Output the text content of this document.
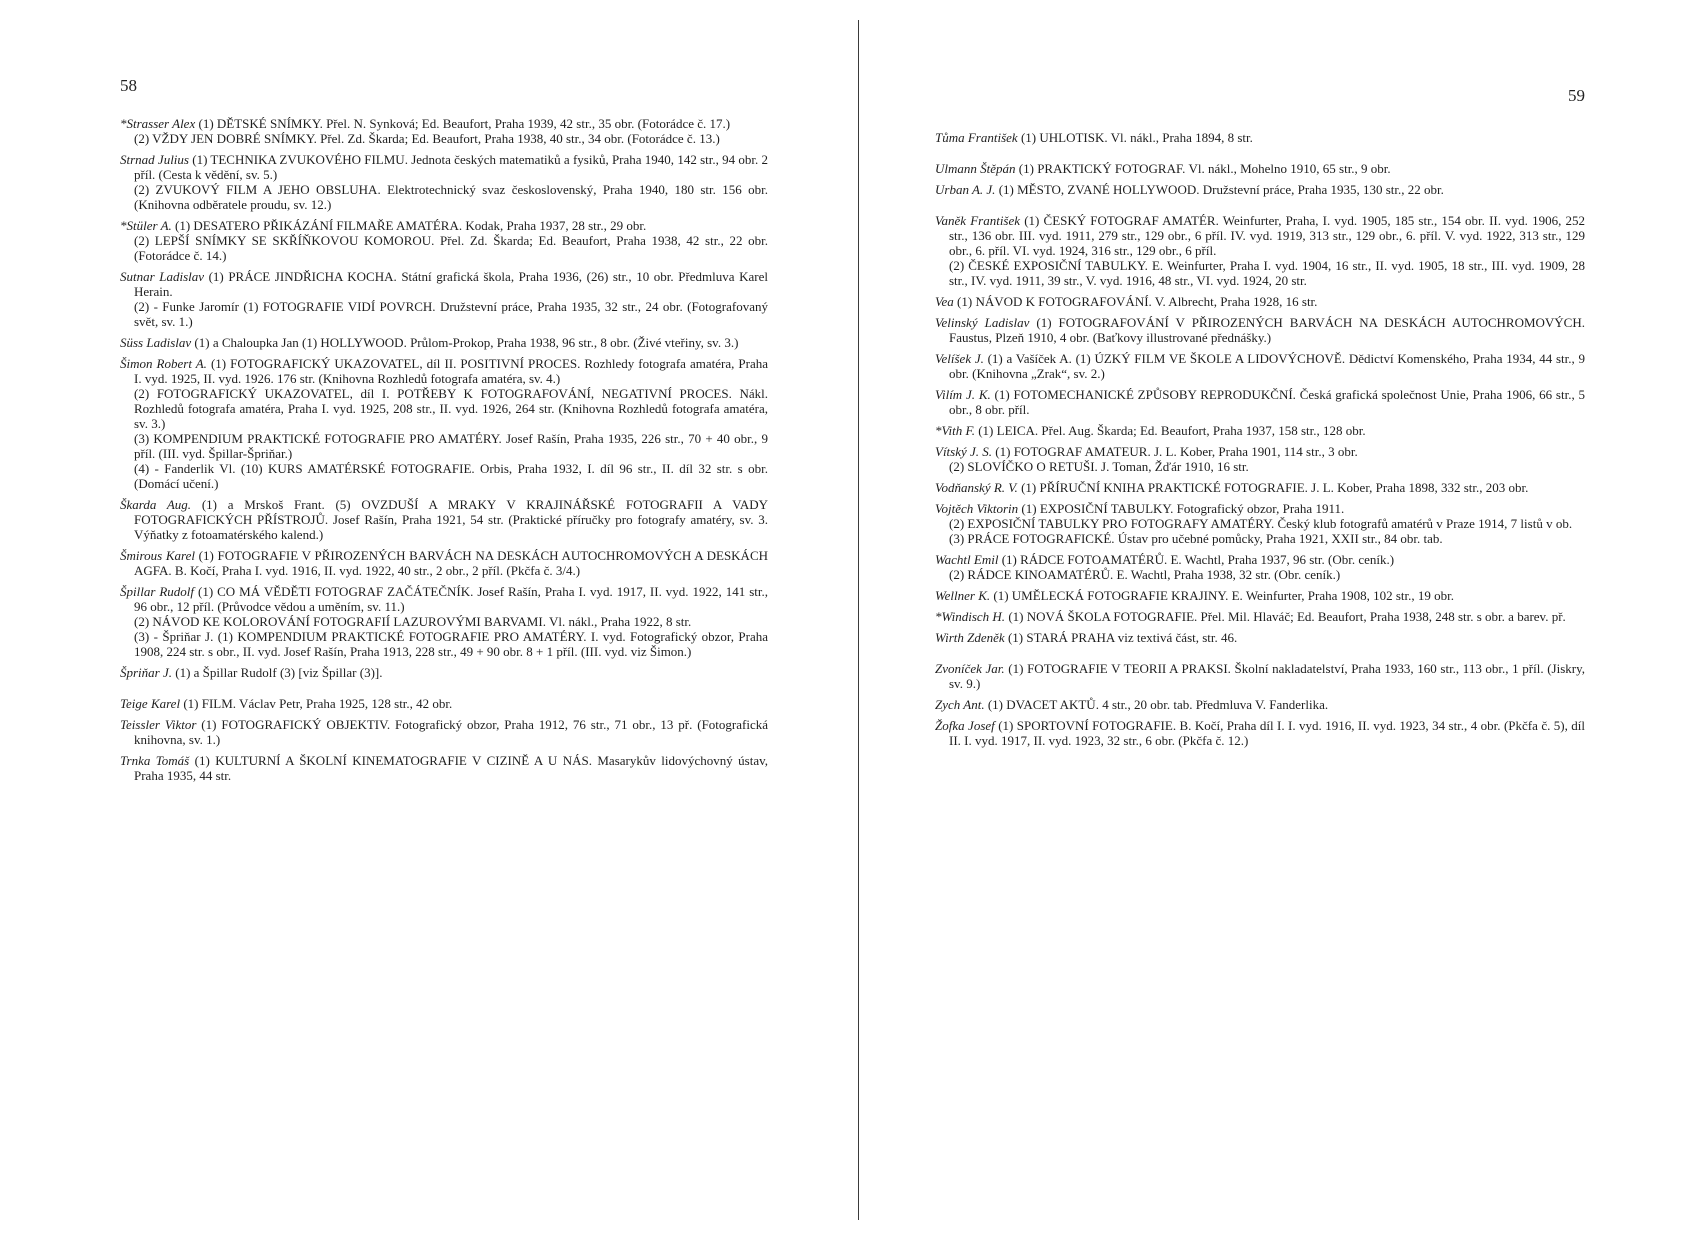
58

*Strasser Alex (1) DĚTSKÉ SNÍMKY. Přel. N. Synková; Ed. Beaufort, Praha 1939, 42 str., 35 obr. (Fotorádce č. 17.)
(2) VŽDY JEN DOBRÉ SNÍMKY. Přel. Zd. Škarda; Ed. Beaufort, Praha 1938, 40 str., 34 obr. (Fotorádce č. 13.)

Strnad Julius (1) TECHNIKA ZVUKOVÉHO FILMU. Jednota českých matematiků a fysiků, Praha 1940, 142 str., 94 obr. 2 příl. (Cesta k vědění, sv. 5.)
(2) ZVUKOVÝ FILM A JEHO OBSLUHA. Elektrotechnický svaz československý, Praha 1940, 180 str. 156 obr. (Knihovna odběratele proudu, sv. 12.)

*Stüler A. (1) DESATERO PŘIKÁZÁNÍ FILMAŘE AMATÉRA. Kodak, Praha 1937, 28 str., 29 obr.
(2) LEPŠÍ SNÍMKY SE SKŘÍŇKOVOU KOMOROU. Přel. Zd. Škarda; Ed. Beaufort, Praha 1938, 42 str., 22 obr. (Fotorádce č. 14.)

Sutnar Ladislav (1) PRÁCE JINDŘICHA KOCHA. Státní grafická škola, Praha 1936, (26) str., 10 obr. Předmluva Karel Herain.
(2) - Funke Jaromír (1) FOTOGRAFIE VIDÍ POVRCH. Družstevní práce, Praha 1935, 32 str., 24 obr. (Fotografovaný svět, sv. 1.)

Süss Ladislav (1) a Chaloupka Jan (1) HOLLYWOOD. Průlom-Prokop, Praha 1938, 96 str., 8 obr. (Živé vteřiny, sv. 3.)

Šimon Robert A. (1) FOTOGRAFICKÝ UKAZOVATEL, díl II. POSITIVNÍ PROCES. Rozhledy fotografa amatéra, Praha I. vyd. 1925, II. vyd. 1926. 176 str. (Knihovna Rozhledů fotografa amatéra, sv. 4.)
(2) FOTOGRAFICKÝ UKAZOVATEL, díl I. POTŘEBY K FOTOGRAFOVÁNÍ, NEGATIVNÍ PROCES. Nákl. Rozhledů fotografa amatéra, Praha I. vyd. 1925, 208 str., II. vyd. 1926, 264 str. (Knihovna Rozhledů fotografa amatéra, sv. 3.)
(3) KOMPENDIUM PRAKTICKÉ FOTOGRAFIE PRO AMATÉRY. Josef Rašín, Praha 1935, 226 str., 70 + 40 obr., 9 příl. (III. vyd. Špillar-Špriňar.)
(4) - Fanderlik Vl. (10) KURS AMATÉRSKÉ FOTOGRAFIE. Orbis, Praha 1932, I. díl 96 str., II. díl 32 str. s obr. (Domácí učení.)

Škarda Aug. (1) a Mrskoš Frant. (5) OVZDUŠÍ A MRAKY V KRAJINÁŘSKÉ FOTOGRAFII A VADY FOTOGRAFICKÝCH PŘÍSTROJŮ. Josef Rašín, Praha 1921, 54 str. (Praktické příručky pro fotografy amatéry, sv. 3. Výňatky z fotoamatérského kalend.)

Šmirous Karel (1) FOTOGRAFIE V PŘIROZENÝCH BARVÁCH NA DESKÁCH AUTOCHROMOVÝCH A DESKÁCH AGFA. B. Kočí, Praha I. vyd. 1916, II. vyd. 1922, 40 str., 2 obr., 2 příl. (Pkčfa č. 3/4.)

Špillar Rudolf (1) CO MÁ VĚDĚTI FOTOGRAF ZAČÁTEČNÍK. Josef Rašín, Praha I. vyd. 1917, II. vyd. 1922, 141 str., 96 obr., 12 příl. (Průvodce vědou a uměním, sv. 11.)
(2) NÁVOD KE KOLOROVÁNÍ FOTOGRAFIÍ LAZUROVÝMI BARVAMI. Vl. nákl., Praha 1922, 8 str.
(3) - Špriňar J. (1) KOMPENDIUM PRAKTICKÉ FOTOGRAFIE PRO AMATÉRY. I. vyd. Fotografický obzor, Praha 1908, 224 str. s obr., II. vyd. Josef Rašín, Praha 1913, 228 str., 49 + 90 obr. 8 + 1 příl. (III. vyd. viz Šimon.)

Špriňar J. (1) a Špillar Rudolf (3) [viz Špillar (3)].

Teige Karel (1) FILM. Václav Petr, Praha 1925, 128 str., 42 obr.

Teissler Viktor (1) FOTOGRAFICKÝ OBJEKTIV. Fotografický obzor, Praha 1912, 76 str., 71 obr., 13 př. (Fotografická knihovna, sv. 1.)

Trnka Tomáš (1) KULTURNÍ A ŠKOLNÍ KINEMATOGRAFIE V CIZINĚ A U NÁS. Masarykův lidovýchovný ústav, Praha 1935, 44 str.

59

Tůma František (1) UHLOTISK. Vl. nákl., Praha 1894, 8 str.

Ulmann Štěpán (1) PRAKTICKÝ FOTOGRAF. Vl. nákl., Mohelno 1910, 65 str., 9 obr.

Urban A. J. (1) MĚSTO, ZVANÉ HOLLYWOOD. Družstevní práce, Praha 1935, 130 str., 22 obr.

Vaněk František (1) ČESKÝ FOTOGRAF AMATÉR. Weinfurter, Praha, I. vyd. 1905, 185 str., 154 obr. II. vyd. 1906, 252 str., 136 obr. III. vyd. 1911, 279 str., 129 obr., 6 příl. IV. vyd. 1919, 313 str., 129 obr., 6. příl. V. vyd. 1922, 313 str., 129 obr., 6. příl. VI. vyd. 1924, 316 str., 129 obr., 6 příl.
(2) ČESKÉ EXPOSIČNÍ TABULKY. E. Weinfurter, Praha I. vyd. 1904, 16 str., II. vyd. 1905, 18 str., III. vyd. 1909, 28 str., IV. vyd. 1911, 39 str., V. vyd. 1916, 48 str., VI. vyd. 1924, 20 str.

Vea (1) NÁVOD K FOTOGRAFOVÁNÍ. V. Albrecht, Praha 1928, 16 str.

Velinský Ladislav (1) FOTOGRAFOVÁNÍ V PŘIROZENÝCH BARVÁCH NA DESKÁCH AUTOCHROMOVÝCH. Faustus, Plzeň 1910, 4 obr. (Baťkovy illustrované přednášky.)

Velíšek J. (1) a Vašíček A. (1) ÚZKÝ FILM VE ŠKOLE A LIDOVÝCHOVĚ. Dědictví Komenského, Praha 1934, 44 str., 9 obr. (Knihovna „Zrak“, sv. 2.)

Vilím J. K. (1) FOTOMECHANICKÉ ZPŮSOBY REPRODUKČNÍ. Česká grafická společnost Unie, Praha 1906, 66 str., 5 obr., 8 obr. příl.

*Vith F. (1) LEICA. Přel. Aug. Škarda; Ed. Beaufort, Praha 1937, 158 str., 128 obr.

Vítský J. S. (1) FOTOGRAF AMATEUR. J. L. Kober, Praha 1901, 114 str., 3 obr.
(2) SLOVÍČKO O RETUŠI. J. Toman, Žďár 1910, 16 str.

Vodňanský R. V. (1) PŘÍRUČNÍ KNIHA PRAKTICKÉ FOTOGRAFIE. J. L. Kober, Praha 1898, 332 str., 203 obr.

Vojtěch Viktorin (1) EXPOSIČNÍ TABULKY. Fotografický obzor, Praha 1911.
(2) EXPOSIČNÍ TABULKY PRO FOTOGRAFY AMATÉRY. Český klub fotografů amatérů v Praze 1914, 7 listů v ob.
(3) PRÁCE FOTOGRAFICKÉ. Ústav pro učebné pomůcky, Praha 1921, XXII str., 84 obr. tab.

Wachtl Emil (1) RÁDCE FOTOAMATÉRŮ. E. Wachtl, Praha 1937, 96 str. (Obr. ceník.)
(2) RÁDCE KINOAMATÉRŮ. E. Wachtl, Praha 1938, 32 str. (Obr. ceník.)

Wellner K. (1) UMĚLECKÁ FOTOGRAFIE KRAJINY. E. Weinfurter, Praha 1908, 102 str., 19 obr.

*Windisch H. (1) NOVÁ ŠKOLA FOTOGRAFIE. Přel. Mil. Hlaváč; Ed. Beaufort, Praha 1938, 248 str. s obr. a barev. př.

Wirth Zdeněk (1) STARÁ PRAHA viz textivá část, str. 46.

Zvoníček Jar. (1) FOTOGRAFIE V TEORII A PRAKSI. Školní nakladatelství, Praha 1933, 160 str., 113 obr., 1 příl. (Jiskry, sv. 9.)

Zych Ant. (1) DVACET AKTŮ. 4 str., 20 obr. tab. Předmluva V. Fanderlika.

Žofka Josef (1) SPORTOVNÍ FOTOGRAFIE. B. Kočí, Praha díl I. I. vyd. 1916, II. vyd. 1923, 34 str., 4 obr. (Pkčfa č. 5), díl II. I. vyd. 1917, II. vyd. 1923, 32 str., 6 obr. (Pkčfa č. 12.)
